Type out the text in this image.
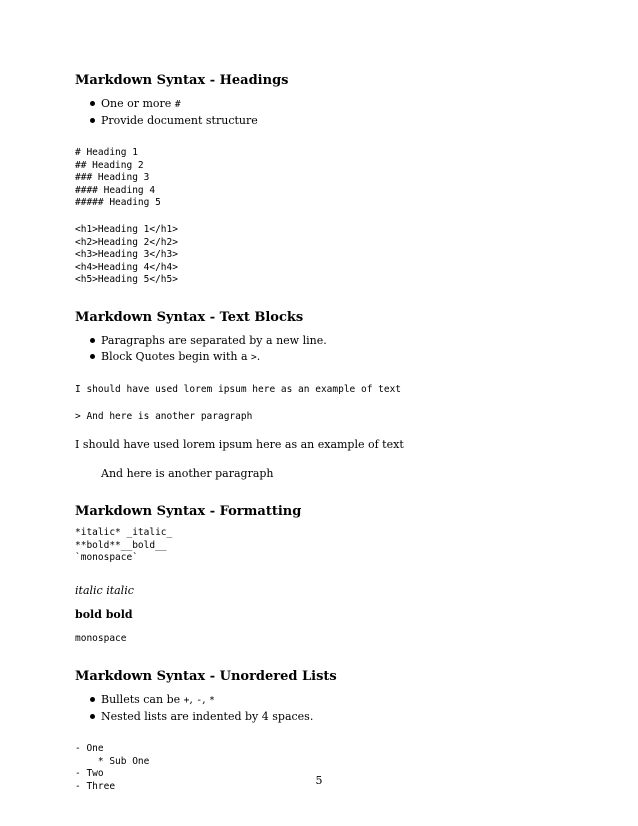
Markdown Syntax - Headings
One or more #
Provide document structure
# Heading 1
## Heading 2
### Heading 3
#### Heading 4
##### Heading 5
<h1>Heading 1</h1>
<h2>Heading 2</h2>
<h3>Heading 3</h3>
<h4>Heading 4</h4>
<h5>Heading 5</h5>
Markdown Syntax - Text Blocks
Paragraphs are separated by a new line.
Block Quotes begin with a >.
I should have used lorem ipsum here as an example of text
> And here is another paragraph

I should have used lorem ipsum here as an example of text

And here is another paragraph

Markdown Syntax - Formatting
*italic* _italic_
**bold**__bold__
`monospace`

italic italic

bold bold

monospace

Markdown Syntax - Unordered Lists
Bullets can be +, -, *
Nested lists are indented by 4 spaces.
- One
* Sub One
- Two
- Three	5
